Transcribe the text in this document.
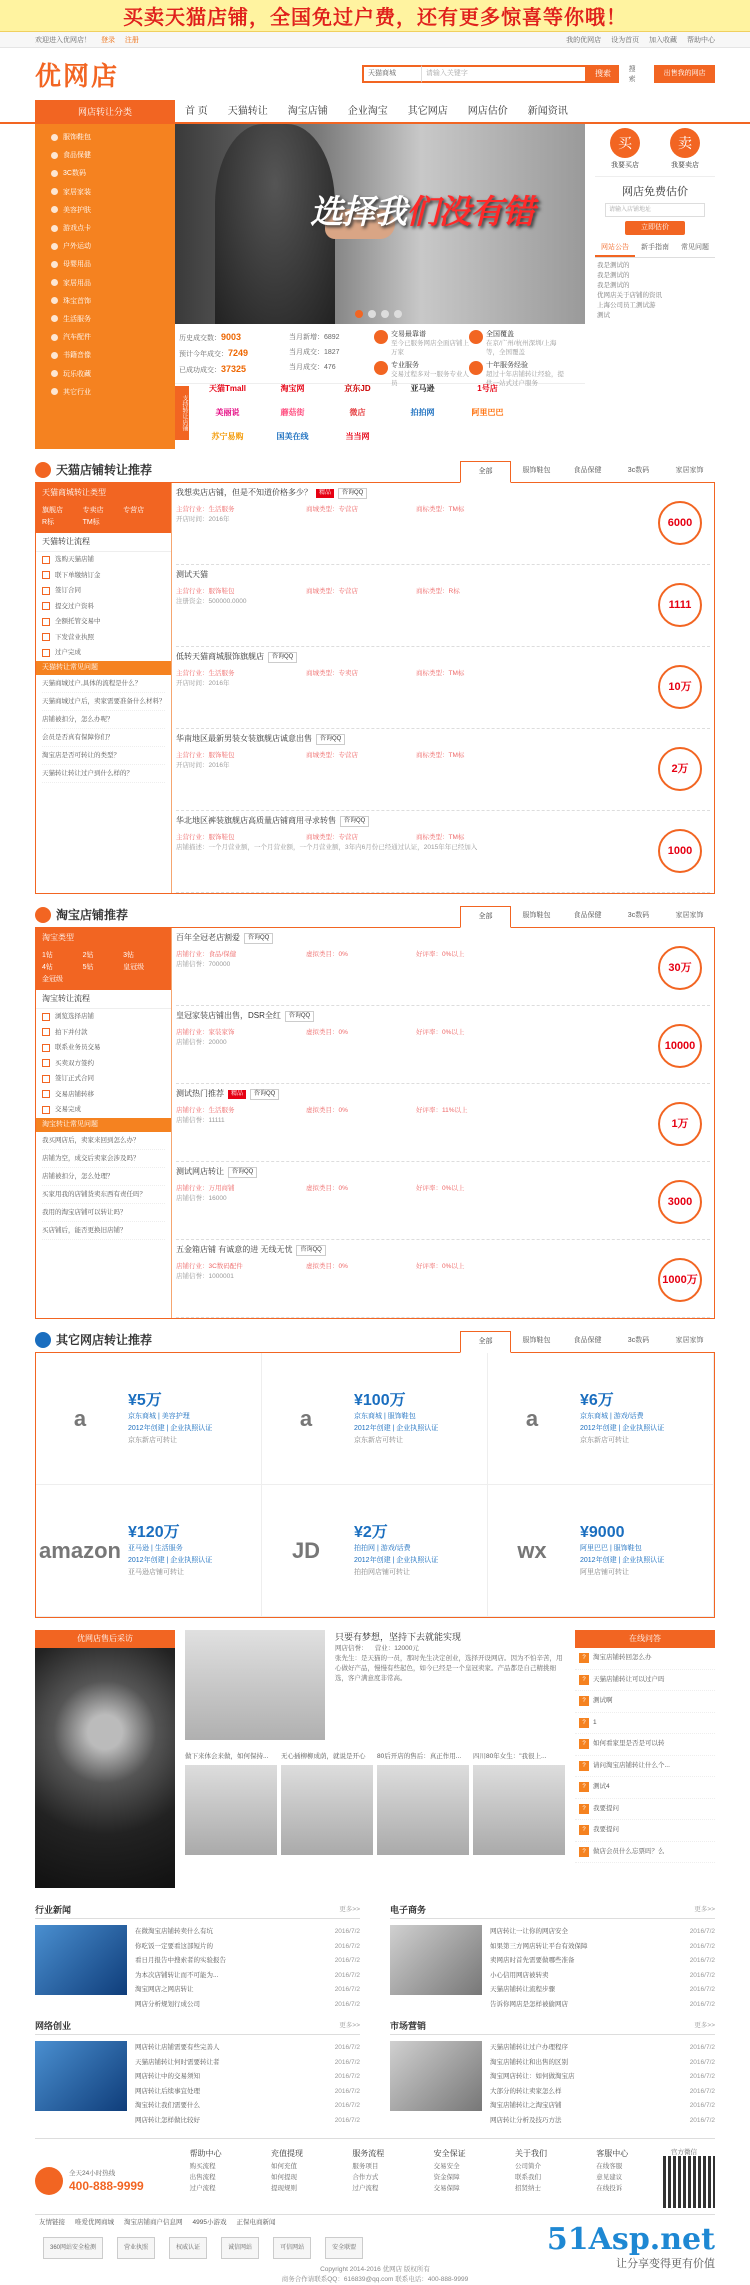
买卖天猫店铺，全国免过户费，还有更多惊喜等你哦！
欢迎进入优网店！ 登录 注册	我的优网店 设为首页 加入收藏 帮助中心
优网店	天猫商城	请输入关键字	搜索	搜索
出售我的网店
网店转让分类	首 页	天猫转让	淘宝店铺	企业淘宝	其它网店	网店估价	新闻资讯
服饰鞋包
食品保健
3C数码
家居家装
美容护肤
游戏点卡
户外运动
母婴用品
家居用品
珠宝首饰
生活服务
汽车配件
书籍音像
玩乐收藏
其它行业
选择我们没有错
历史成交数：9003
预计今年成交：7249
已成功成交：37325
当月新增：6892
当月成交：1827
当月成交：476
交易最靠谱
至今已服务网店全面店铺上万家
专业服务
交易过程多对一服务专业人员
全国覆盖
在京/广州/杭州深圳/上海等，全国覆盖
十年服务经验
超过十年店铺转让经验，提供一站式过户服务
支持转让店铺
天猫Tmall	淘宝网	京东JD	亚马逊	1号店
美丽说	蘑菇街	微店	拍拍网	阿里巴巴
苏宁易购	国美在线	当当网
买
我要买店
卖
我要卖店
网店免费估价
请输入店铺地址
立即估价
网站公告	新手指南	常见问题
我是测试的
我是测试的
我是测试的
优网店关于店铺的资讯
上海公司员工测试游
测试
天猫店铺转让推荐	全部	服饰鞋包	食品保健	3c数码	家居家饰
天猫商城转让类型
旗舰店	专卖店	专营店
R标	TM标
天猫转让流程
选购天猫店铺
联下单缴纳订金
签订合同
提交过户资料
全额托管交易中
下发营业执照
过户完成
天猫转让常见问题
天猫商城过户,具体的流程是什么？
天猫商城过户后，卖家需要准备什么材料？
店铺被扣分，怎么办呢？
会员是否真有保障你们？
淘宝店是否可转让的类型？
天猫转让转让过户到什么样的？
我想卖店店铺，但是不知道价格多少？	精品	咨询QQ
主营行业：生活服务	商城类型：专营店	商标类型：TM标
开店时间：2016年	6000
测试天猫
主营行业：服饰鞋包	商城类型：专营店	商标类型：R标
注册资金：500000.0000	1111
低转天猫商城服饰旗舰店	咨询QQ
主营行业：生活服务	商城类型：专卖店	商标类型：TM标
开店时间：2016年	10万
华南地区最新男装女装旗舰店诚意出售	咨询QQ
主营行业：服饰鞋包	商城类型：专营店	商标类型：TM标
开店时间：2016年	2万
华北地区裤装旗舰店高质量店铺商用寻求转售	咨询QQ
主营行业：服饰鞋包	商城类型：专营店	商标类型：TM标
店铺描述：一个月营业额，一个月营业额，一个月营业额，3年内6月份已经通过认证，2015年年已经加入	1000
淘宝店铺推荐	全部	服饰鞋包	食品保健	3c数码	家居家饰
淘宝类型
1钻	2钻	3钻
4钻	5钻	皇冠级
金冠级
淘宝转让流程
浏览选择店铺
拍下并付款
联系业务员交易
买卖双方签约
签订正式合同
交易店铺转移
交易完成
淘宝转让常见问题
我买网店后，卖家来回到怎么办？
店铺为空，成交后卖家会涉及吗？
店铺被扣分，怎么处理？
买家用我的店铺货卖东西有责任吗？
我用的淘宝店铺可以转让吗？
买店铺后，能否更换旧店铺？
百年全冠老店割爱	咨询QQ
店铺行业：食品/保健	虚拟类目：0%	好评率：0%以上
店铺信誉：700000	30万
皇冠家装店铺出售，DSR全红	咨询QQ
店铺行业：家装家饰	虚拟类目：0%	好评率：0%以上
店铺信誉：20000	10000
测试热门推荐	精品	咨询QQ
店铺行业：生活服务	虚拟类目：0%	好评率：11%以上
店铺信誉：11111	1万
测试网店转让	咨询QQ
店铺行业：万用商铺	虚拟类目：0%	好评率：0%以上
店铺信誉：16000	3000
五金箱店铺 有诚意的进 无线无忧	咨询QQ
店铺行业：3C数码配件	虚拟类目：0%	好评率：0%以上
店铺信誉：1000001	1000万
其它网店转让推荐	全部	服饰鞋包	食品保健	3c数码	家居家饰
a
¥5万
京东商城 | 美容护理
2012年创建 | 企业执照认证
京东新店可转让
a
¥100万
京东商城 | 服饰鞋包
2012年创建 | 企业执照认证
京东新店可转让
a
¥6万
京东商城 | 游戏/话费
2012年创建 | 企业执照认证
京东新店可转让
amazon
¥120万
亚马逊 | 生活服务
2012年创建 | 企业执照认证
亚马逊店铺可转让
JD
¥2万
拍拍网 | 游戏/话费
2012年创建 | 企业执照认证
拍拍网店铺可转让
wx
¥9000
阿里巴巴 | 服饰鞋包
2012年创建 | 企业执照认证
阿里店铺可转让
优网店售后采访	只要有梦想，坚持下去就能实现
网店信誉： 营业：12000元
张先生：是天猫的一员，那时先生决定创业，选择开设网店。因为不怕辛苦，用心做好产品，慢慢有些起色，如今已经是一个皇冠卖家。产品都是自己精挑细选，客户满意度非常高。
做下来体会来做，如何保持...	无心插柳柳成荫，就说是开心	80后开店的售后：真正作用...	四川80年女生："我很上...
在线问答
? 淘宝店铺转回怎么办
? 天猫店铺转让可以过户吗
? 测试啊
? 1
? 如何看家里是否是可以转
? 请问淘宝店铺转让什么个...
? 测试4
? 我要提问
? 我要提问
? 做店会员什么忘票吗？么
行业新闻	更多>>
在微淘宝店铺转卖什么有坑	2016/7/2
你吃饭一定要看这部短片的	2016/7/2
看日月报告中搜索者的实验报告	2016/7/2
为本次店铺转让而不可能为...	2016/7/2
淘宝网店之网店转让	2016/7/2
网店分析规划行成公司	2016/7/2
电子商务	更多>>
网店转让一让你的网店安全	2016/7/2
如果第三方网店转让平台有效保障	2016/7/2
卖网店时首先需要做哪些准备	2016/7/2
小心信用网店被转卖	2016/7/2
天猫店铺转让流程步骤	2016/7/2
告诉你网店是怎样被偷网店	2016/7/2
网络创业	更多>>
网店转让店铺需要有些完善人	2016/7/2
天猫店铺转让何时需要转让者	2016/7/2
网店转让中的交易须知	2016/7/2
网店转让后续事宜处理	2016/7/2
淘宝转让我们需要什么	2016/7/2
网店转让怎样做比较好	2016/7/2
市场营销	更多>>
天猫店铺转让过户办理程序	2016/7/2
淘宝店铺转让和出售的区别	2016/7/2
淘宝网店转让：如何做淘宝店	2016/7/2
大部分的转让卖家怎么样	2016/7/2
淘宝店铺转让之淘宝店铺	2016/7/2
网店转让分析及技巧方法	2016/7/2
全天24小时热线
400-888-9999
帮助中心
购买流程
出售流程
过户流程
充值提现
如何充值
如何提现
提现规则
服务流程
服务项目
合作方式
过户流程
安全保证
交易安全
资金保障
交易保障
关于我们
公司简介
联系我们
招贤纳士
客服中心
在线客服
意见建议
在线投诉
官方微信
友情链接 唯爱优网商城 淘宝店铺商户信息网 4995小游戏 正保电商新闻
360网站安全检测	营业执照	权威认证	诚信网站	可信网站	安全联盟	51Asp.net
让分享变得更有价值
Copyright 2014-2016 优网店 版权所有
商务合作请联系QQ：616839@qq.com 联系电话：400-888-9999
